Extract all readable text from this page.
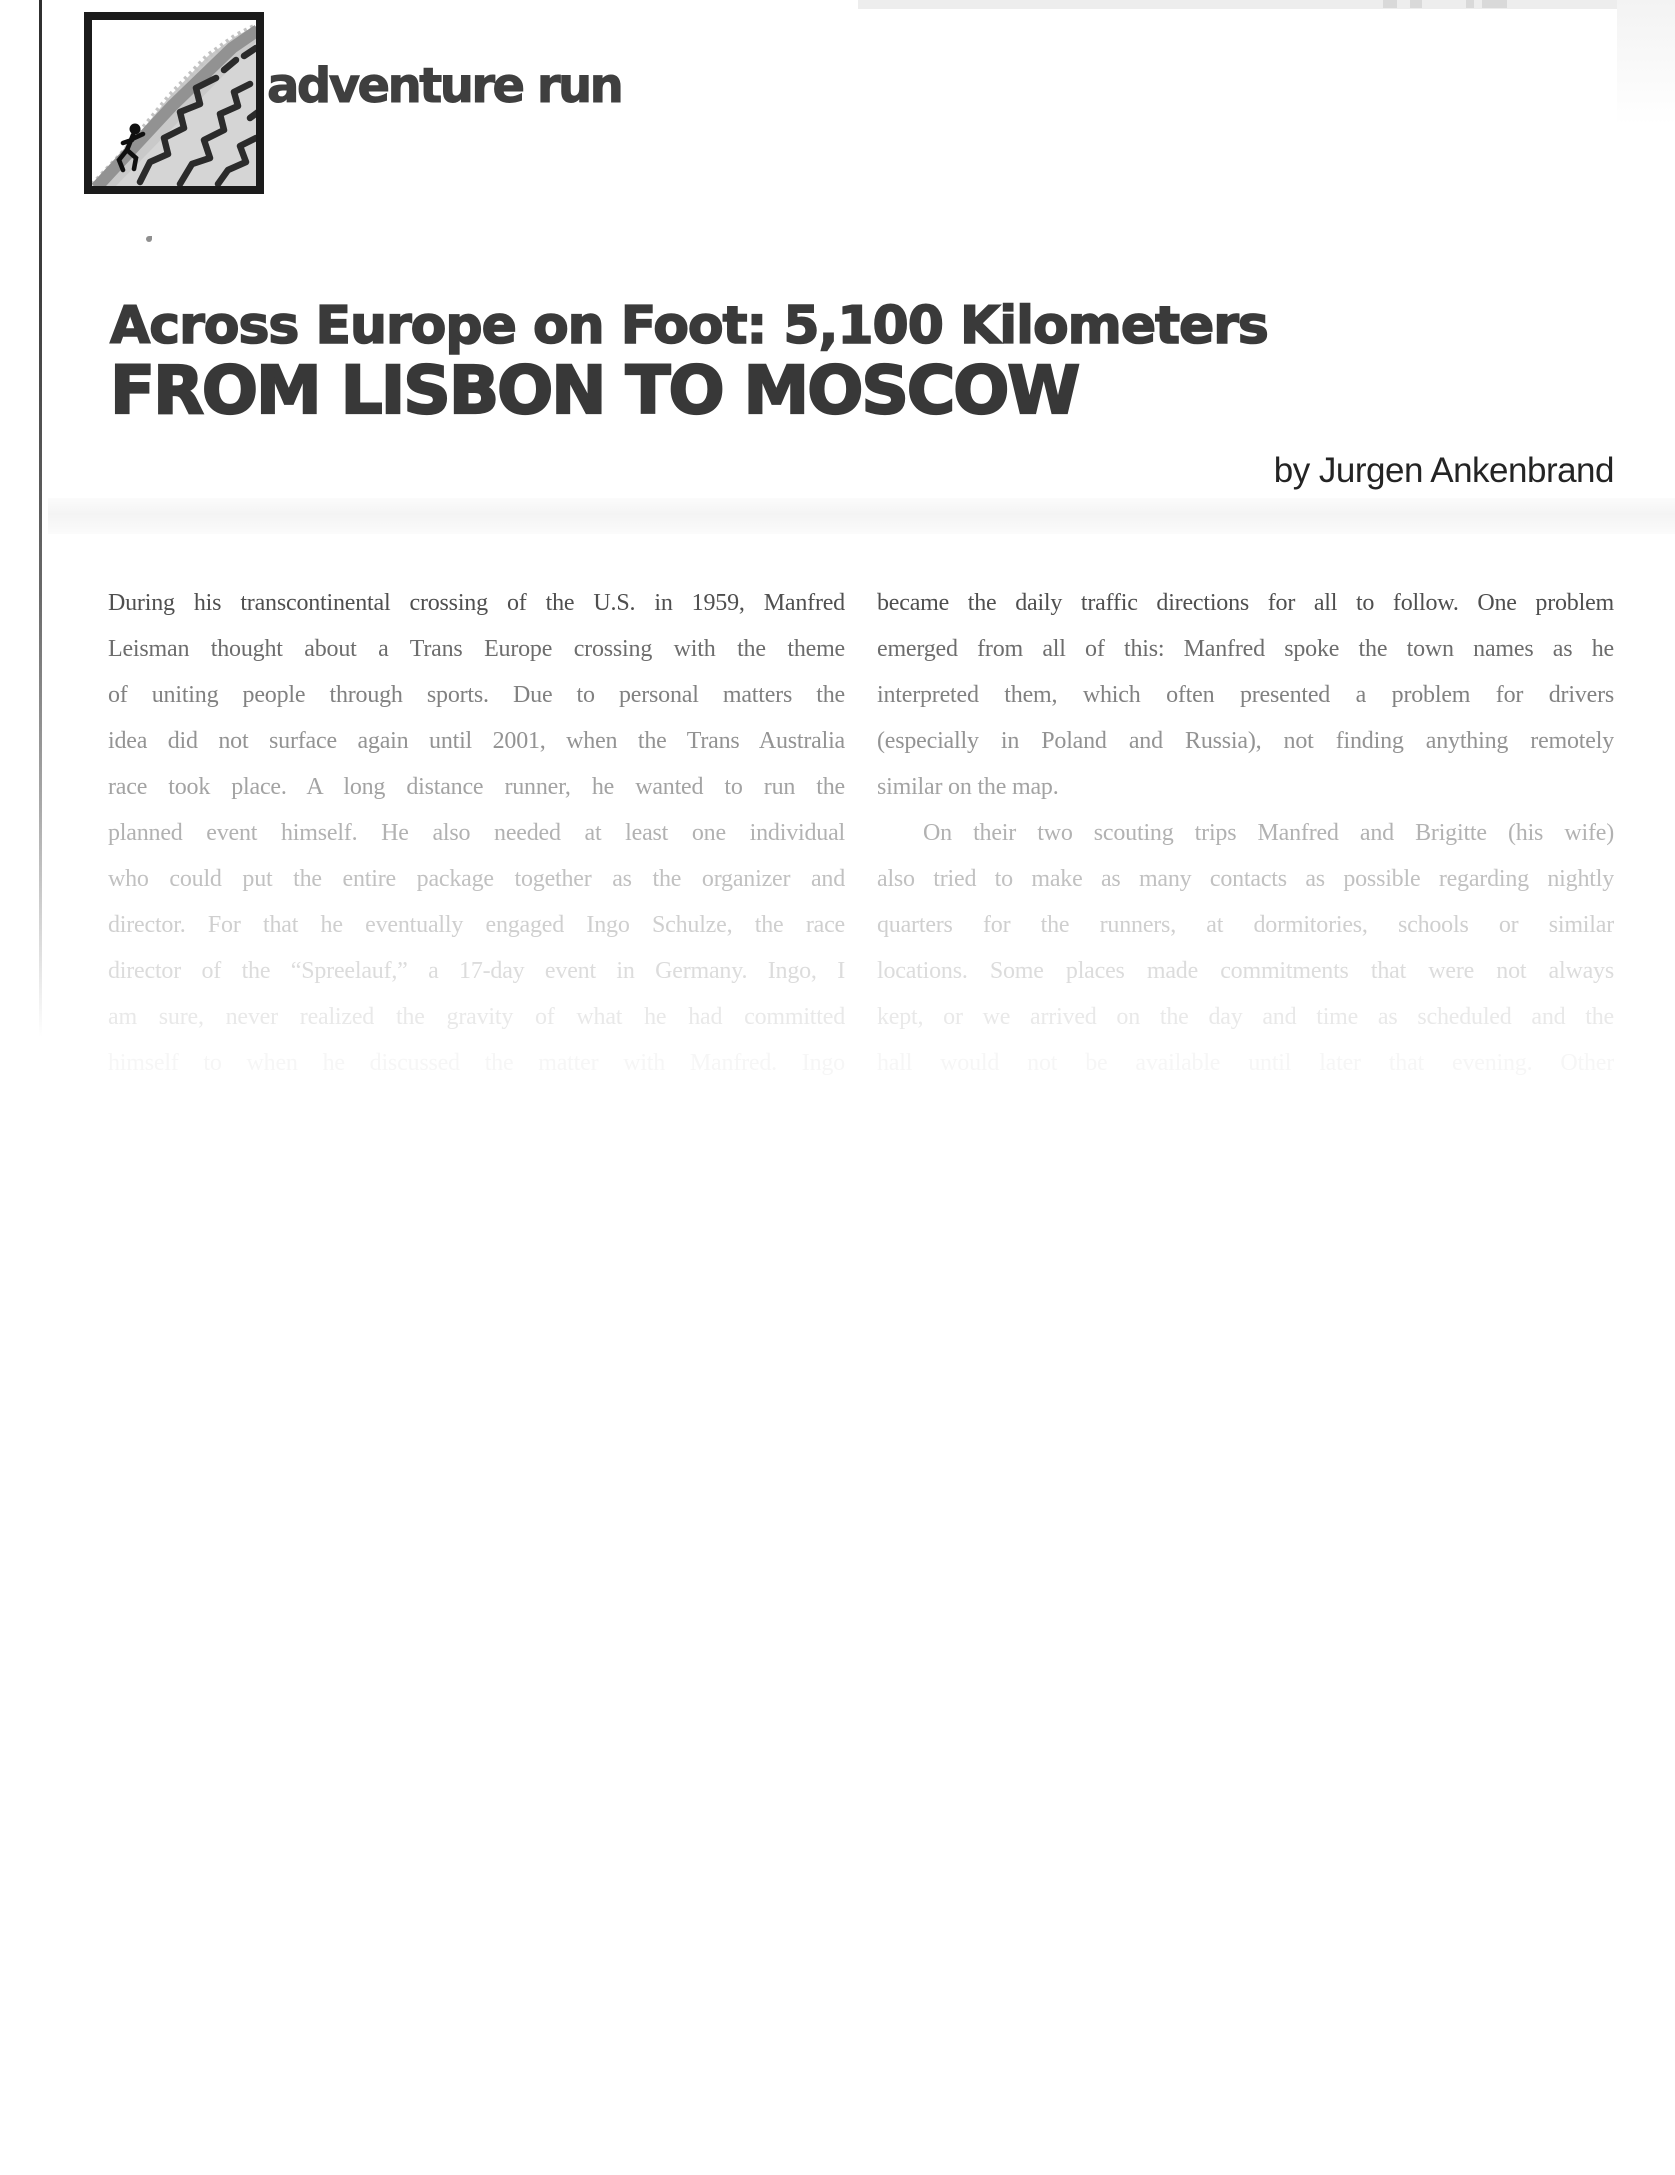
adventure run
Across Europe on Foot: 5,100 Kilometers
FROM LISBON TO MOSCOW
by Jurgen Ankenbrand
During his transcontinental crossing of the U.S. in 1959, Manfred
Leisman thought about a Trans Europe crossing with the theme
of uniting people through sports. Due to personal matters the
idea did not surface again until 2001, when the Trans Australia
race took place. A long distance runner, he wanted to run the
planned event himself. He also needed at least one individual
who could put the entire package together as the organizer and
director. For that he eventually engaged Ingo Schulze, the race
director of the “Spreelauf,” a 17-day event in Germany. Ingo, I
am sure, never realized the gravity of what he had committed
himself to when he discussed the matter with Manfred. Ingo
became the daily traffic directions for all to follow. One problem
emerged from all of this: Manfred spoke the town names as he
interpreted them, which often presented a problem for drivers
(especially in Poland and Russia), not finding anything remotely
similar on the map.
On their two scouting trips Manfred and Brigitte (his wife)
also tried to make as many contacts as possible regarding nightly
quarters for the runners, at dormitories, schools or similar
locations. Some places made commitments that were not always
kept, or we arrived on the day and time as scheduled and the
hall would not be available until later that evening. Other
